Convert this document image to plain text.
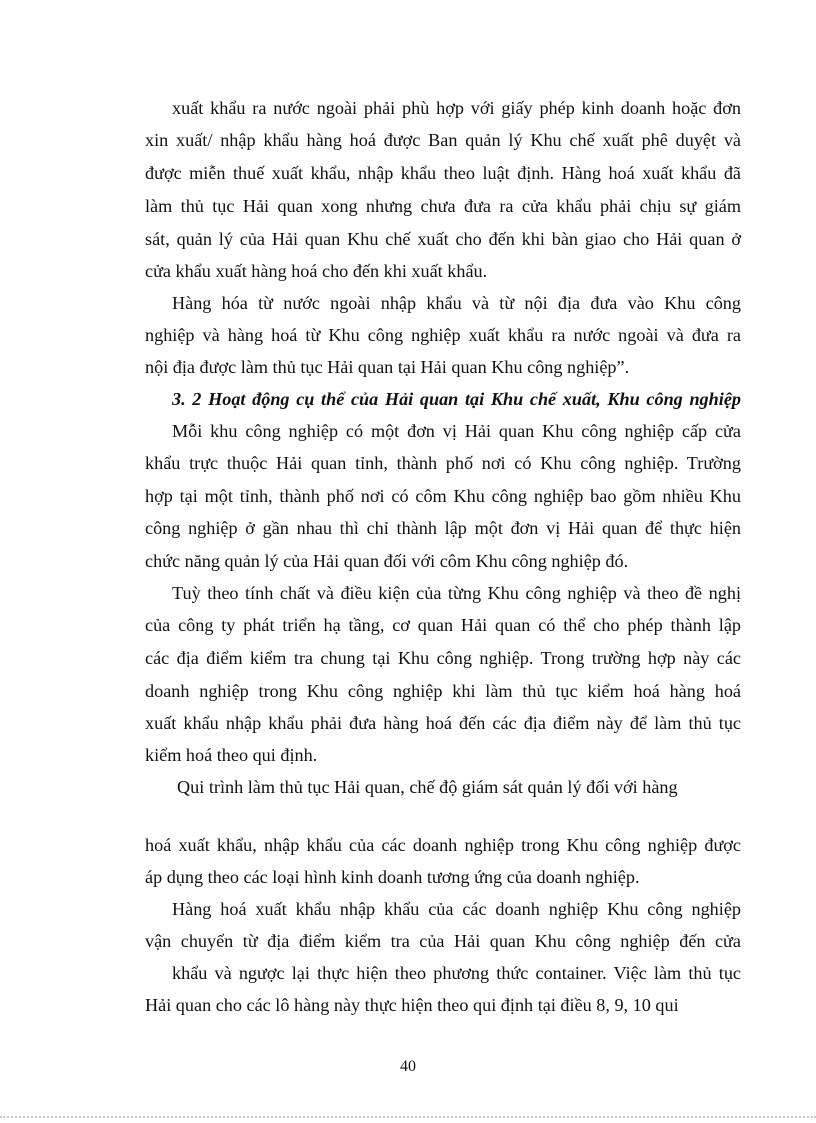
xuất khẩu ra nước ngoài phải phù hợp với giấy phép kinh doanh hoặc đơn
xin xuất/ nhập khẩu hàng hoá được Ban quản lý Khu chế xuất phê duyệt và
được miễn thuế xuất khẩu, nhập khẩu theo luật định. Hàng hoá xuất khẩu đã
làm thủ tục Hải quan xong nhưng chưa đưa ra cửa khẩu phải chịu sự giám
sát, quản lý của Hải quan Khu chế xuất cho đến khi bàn giao cho Hải quan ở
cửa khẩu xuất hàng hoá cho đến khi xuất khẩu.
Hàng hóa từ nước ngoài nhập khẩu và từ nội địa đưa vào Khu công
nghiệp và hàng hoá từ Khu công nghiệp xuất khẩu ra nước ngoài và đưa ra
nội địa được làm thủ tục Hải quan tại Hải quan Khu công nghiệp”.
3. 2 Hoạt động cụ thể của Hải quan tại Khu chế xuất, Khu công nghiệp
Mỗi khu công nghiệp có một đơn vị Hải quan Khu công nghiệp cấp cửa
khẩu trực thuộc Hải quan tỉnh, thành phố nơi có Khu công nghiệp. Trường
hợp tại một tỉnh, thành phố nơi có côm Khu công nghiệp bao gồm nhiều Khu
công nghiệp ở gần nhau thì chỉ thành lập một đơn vị Hải quan để thực hiện
chức năng quản lý của Hải quan đối với côm Khu công nghiệp đó.
Tuỳ theo tính chất và điều kiện của từng Khu công nghiệp và theo đề nghị
của công ty phát triển hạ tầng, cơ quan Hải quan có thể cho phép thành lập
các địa điểm kiểm tra chung tại Khu công nghiệp. Trong trường hợp này các
doanh nghiệp trong Khu công nghiệp khi làm thủ tục kiểm hoá hàng hoá
xuất khẩu nhập khẩu phải đưa hàng hoá đến các địa điểm này để làm thủ tục
kiểm hoá theo qui định.
Qui trình làm thủ tục Hải quan, chế độ giám sát quản lý đối với hàng
hoá xuất khẩu, nhập khẩu của các doanh nghiệp trong Khu công nghiệp được
áp dụng theo các loại hình kinh doanh tương ứng của doanh nghiệp.
Hàng hoá xuất khẩu nhập khẩu của các doanh nghiệp Khu công nghiệp
vận chuyển từ địa điểm kiểm tra của Hải quan Khu công nghiệp đến cửa
khẩu và ngược lại thực hiện theo phương thức container. Việc làm thủ tục
Hải quan cho các lô hàng này thực hiện theo qui định tại điều 8, 9, 10 qui
40
